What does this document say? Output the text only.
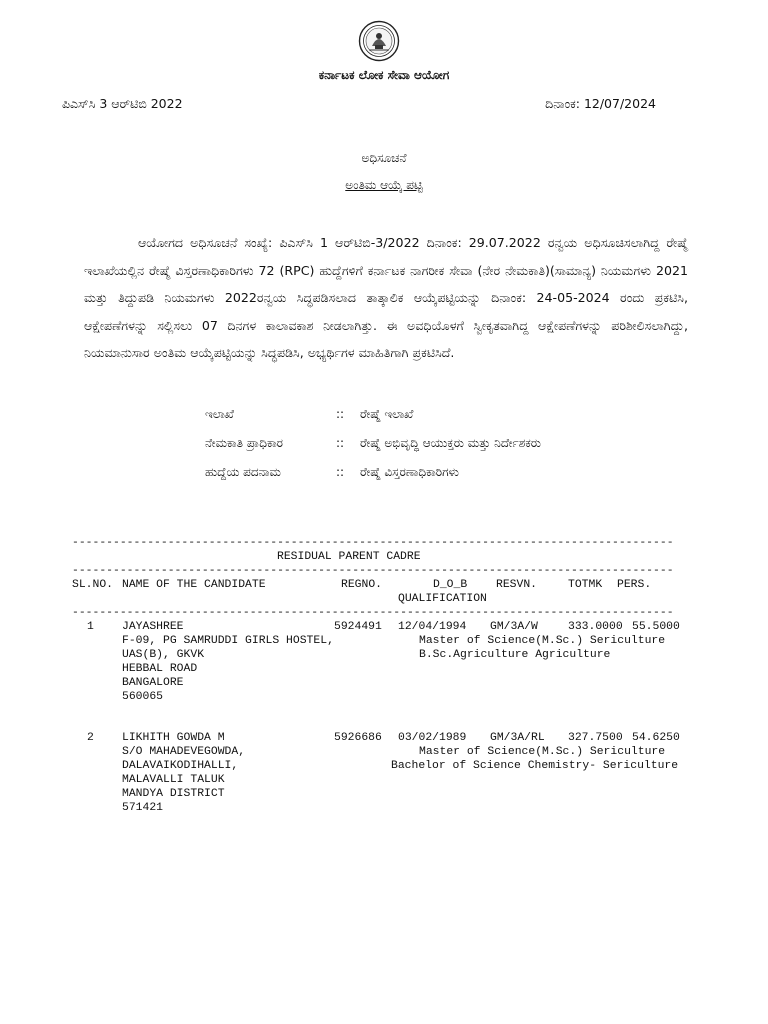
ಕರ್ನಾಟಕ ಲೋಕ ಸೇವಾ ಆಯೋಗ
ಪಿಎಸ್‌ಸಿ 3 ಆರ್‌ಟಿಬಿ 2022	ದಿನಾಂಕ: 12/07/2024
ಅಧಿಸೂಚನೆ
ಅಂತಿಮ ಆಯ್ಕೆ ಪಟ್ಟಿ
ಆಯೋಗದ ಅಧಿಸೂಚನೆ ಸಂಖ್ಯೆ: ಪಿಎಸ್‌ಸಿ 1 ಆರ್‌ಟಿಬಿ-3/2022 ದಿನಾಂಕ: 29.07.2022 ರನ್ವಯ ಅಧಿಸೂಚಿಸಲಾಗಿದ್ದ ರೇಷ್ಮೆ ಇಲಾಖೆಯಲ್ಲಿನ ರೇಷ್ಮೆ ವಿಸ್ತರಣಾಧಿಕಾರಿಗಳು 72 (RPC) ಹುದ್ದೆಗಳಿಗೆ ಕರ್ನಾಟಕ ನಾಗರೀಕ ಸೇವಾ (ನೇರ ನೇಮಕಾತಿ)(ಸಾಮಾನ್ಯ) ನಿಯಮಗಳು 2021 ಮತ್ತು ತಿದ್ದುಪಡಿ ನಿಯಮಗಳು 2022ರನ್ವಯ ಸಿದ್ಧಪಡಿಸಲಾದ ತಾತ್ಕಾಲಿಕ ಆಯ್ಕೆಪಟ್ಟಿಯನ್ನು ದಿನಾಂಕ: 24-05-2024 ರಂದು ಪ್ರಕಟಿಸಿ, ಆಕ್ಷೇಪಣೆಗಳನ್ನು ಸಲ್ಲಿಸಲು 07 ದಿನಗಳ ಕಾಲಾವಕಾಶ ನೀಡಲಾಗಿತ್ತು. ಈ ಅವಧಿಯೊಳಗೆ ಸ್ವೀಕೃತವಾಗಿದ್ದ ಆಕ್ಷೇಪಣೆಗಳನ್ನು ಪರಿಶೀಲಿಸಲಾಗಿದ್ದು, ನಿಯಮಾನುಸಾರ ಅಂತಿಮ ಆಯ್ಕೆಪಟ್ಟಿಯನ್ನು ಸಿದ್ಧಪಡಿಸಿ, ಅಭ್ಯರ್ಥಿಗಳ ಮಾಹಿತಿಗಾಗಿ ಪ್ರಕಟಿಸಿದೆ.
ಇಲಾಖೆ	:: ರೇಷ್ಮೆ ಇಲಾಖೆ
ನೇಮಕಾತಿ ಪ್ರಾಧಿಕಾರ	:: ರೇಷ್ಮೆ ಅಭಿವೃದ್ಧಿ ಆಯುಕ್ತರು ಮತ್ತು ನಿರ್ದೇಶಕರು
ಹುದ್ದೆಯ ಪದನಾಮ	:: ರೇಷ್ಮೆ ವಿಸ್ತರಣಾಧಿಕಾರಿಗಳು
----------------------------------------------------------------------------------------
RESIDUAL PARENT CADRE
----------------------------------------------------------------------------------------
SL.NO. NAME OF THE CANDIDATE	REGNO.	D_O_B	RESVN.	TOTMK PERS.
QUALIFICATION
----------------------------------------------------------------------------------------
1 JAYASHREE	5924491 12/04/1994 GM/3A/W	333.0000 55.5000
F-09, PG SAMRUDDI GIRLS HOSTEL,
UAS(B), GKVK
HEBBAL ROAD
BANGALORE
560065
Master of Science(M.Sc.) Sericulture
B.Sc.Agriculture Agriculture
2 LIKHITH GOWDA M	5926686 03/02/1989 GM/3A/RL 327.7500 54.6250
S/O MAHADEVEGOWDA,
DALAVAIKODIHALLI,
MALAVALLI TALUK
MANDYA DISTRICT
571421
Master of Science(M.Sc.) Sericulture
Bachelor of Science Chemistry- Sericulture
